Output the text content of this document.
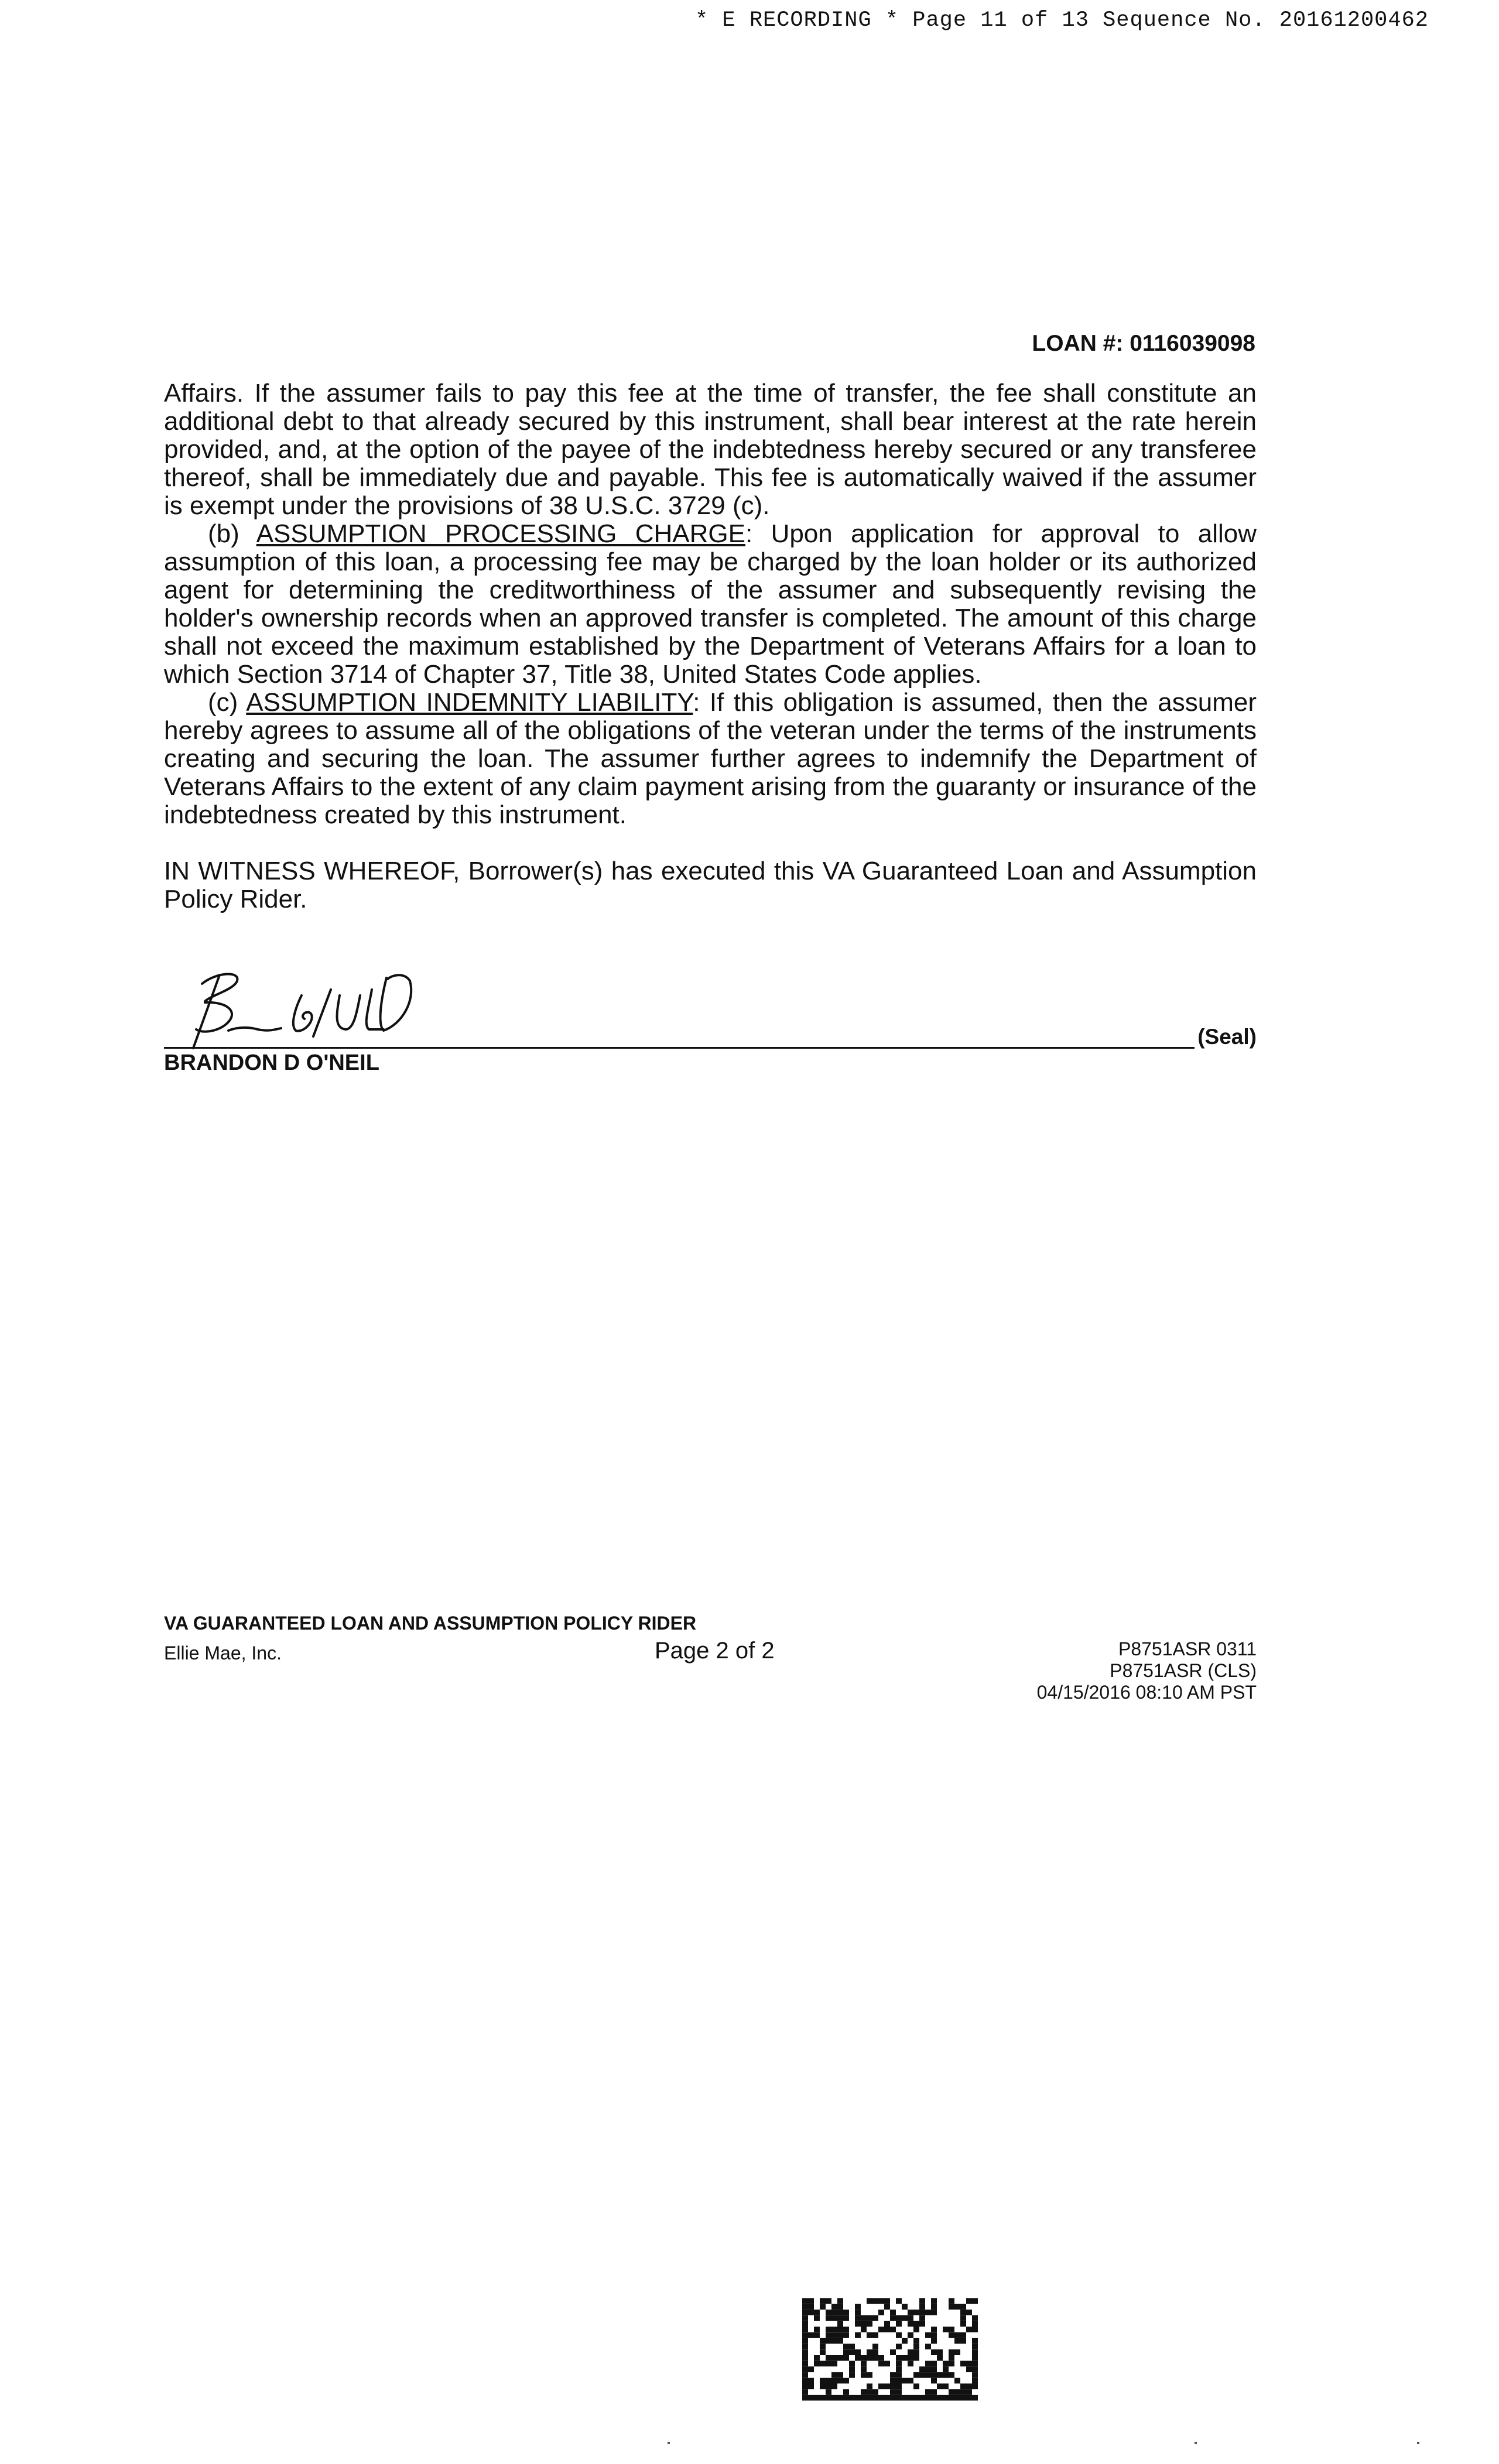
* E RECORDING * Page 11 of 13 Sequence No. 20161200462
LOAN #: 0116039098

Affairs. If the assumer fails to pay this fee at the time of transfer, the fee shall constitute an additional debt to that already secured by this instrument, shall bear interest at the rate herein provided, and, at the option of the payee of the indebtedness hereby secured or any transferee thereof, shall be immediately due and payable. This fee is automatically waived if the assumer is exempt under the provisions of 38 U.S.C. 3729 (c).

(b) ASSUMPTION PROCESSING CHARGE: Upon application for approval to allow assumption of this loan, a processing fee may be charged by the loan holder or its authorized agent for determining the creditworthiness of the assumer and subsequently revising the holder's ownership records when an approved transfer is completed. The amount of this charge shall not exceed the maximum established by the Department of Veterans Affairs for a loan to which Section 3714 of Chapter 37, Title 38, United States Code applies.

(c) ASSUMPTION INDEMNITY LIABILITY: If this obligation is assumed, then the assumer hereby agrees to assume all of the obligations of the veteran under the terms of the instruments creating and securing the loan. The assumer further agrees to indemnify the Department of Veterans Affairs to the extent of any claim payment arising from the guaranty or insurance of the indebtedness created by this instrument.

IN WITNESS WHEREOF, Borrower(s) has executed this VA Guaranteed Loan and Assumption Policy Rider.

(Seal)
BRANDON D O'NEIL
VA GUARANTEED LOAN AND ASSUMPTION POLICY RIDER
Ellie Mae, Inc.	Page 2 of 2	P8751ASR 0311
P8751ASR (CLS)
04/15/2016 08:10 AM PST
